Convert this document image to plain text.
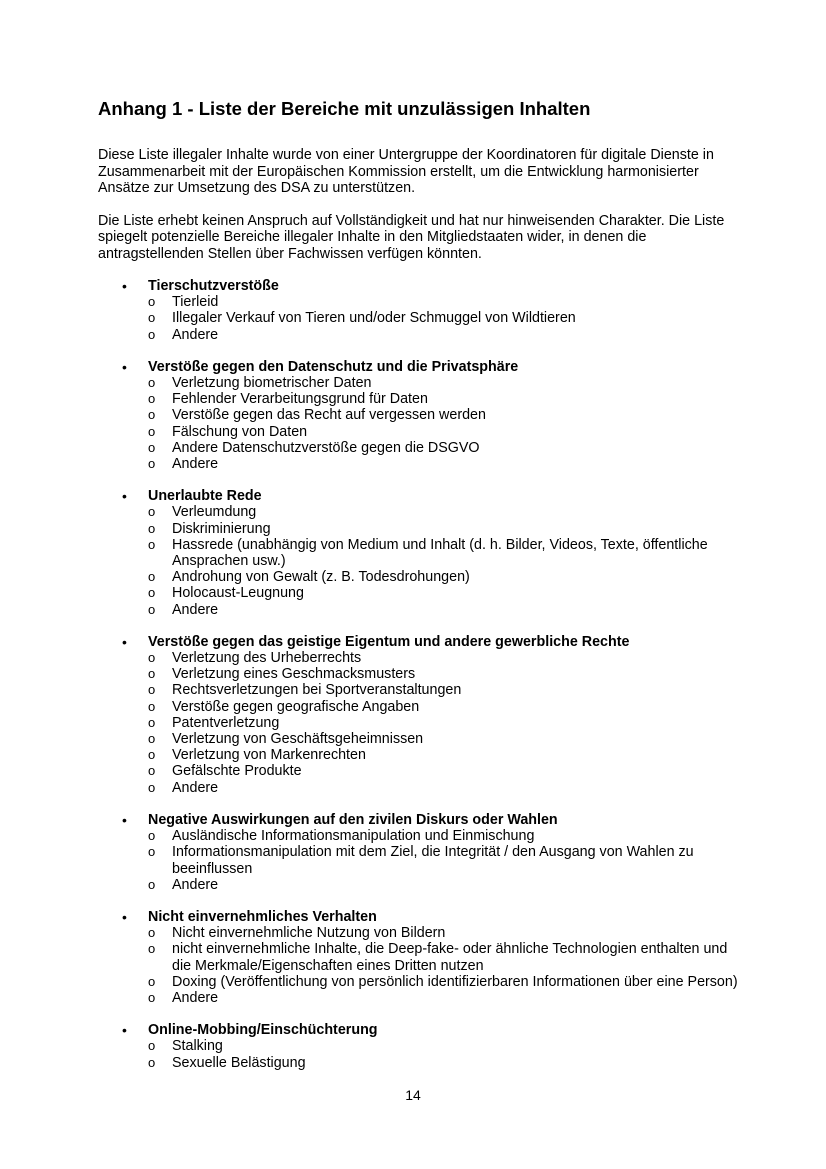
Anhang 1 - Liste der Bereiche mit unzulässigen Inhalten

Diese Liste illegaler Inhalte wurde von einer Untergruppe der Koordinatoren für digitale Dienste in Zusammenarbeit mit der Europäischen Kommission erstellt, um die Entwicklung harmonisierter Ansätze zur Umsetzung des DSA zu unterstützen.

Die Liste erhebt keinen Anspruch auf Vollständigkeit und hat nur hinweisenden Charakter. Die Liste spiegelt potenzielle Bereiche illegaler Inhalte in den Mitgliedstaaten wider, in denen die antragstellenden Stellen über Fachwissen verfügen könnten.

• Tierschutzverstöße
o Tierleid
o Illegaler Verkauf von Tieren und/oder Schmuggel von Wildtieren
o Andere
• Verstöße gegen den Datenschutz und die Privatsphäre
o Verletzung biometrischer Daten
o Fehlender Verarbeitungsgrund für Daten
o Verstöße gegen das Recht auf vergessen werden
o Fälschung von Daten
o Andere Datenschutzverstöße gegen die DSGVO
o Andere
• Unerlaubte Rede
o Verleumdung
o Diskriminierung
o Hassrede (unabhängig von Medium und Inhalt (d. h. Bilder, Videos, Texte, öffentliche Ansprachen usw.)
o Androhung von Gewalt (z. B. Todesdrohungen)
o Holocaust-Leugnung
o Andere
• Verstöße gegen das geistige Eigentum und andere gewerbliche Rechte
o Verletzung des Urheberrechts
o Verletzung eines Geschmacksmusters
o Rechtsverletzungen bei Sportveranstaltungen
o Verstöße gegen geografische Angaben
o Patentverletzung
o Verletzung von Geschäftsgeheimnissen
o Verletzung von Markenrechten
o Gefälschte Produkte
o Andere
• Negative Auswirkungen auf den zivilen Diskurs oder Wahlen
o Ausländische Informationsmanipulation und Einmischung
o Informationsmanipulation mit dem Ziel, die Integrität / den Ausgang von Wahlen zu beeinflussen
o Andere
• Nicht einvernehmliches Verhalten
o Nicht einvernehmliche Nutzung von Bildern
o nicht einvernehmliche Inhalte, die Deep-fake- oder ähnliche Technologien enthalten und die Merkmale/Eigenschaften eines Dritten nutzen
o Doxing (Veröffentlichung von persönlich identifizierbaren Informationen über eine Person)
o Andere
• Online-Mobbing/Einschüchterung
o Stalking
o Sexuelle Belästigung
14
